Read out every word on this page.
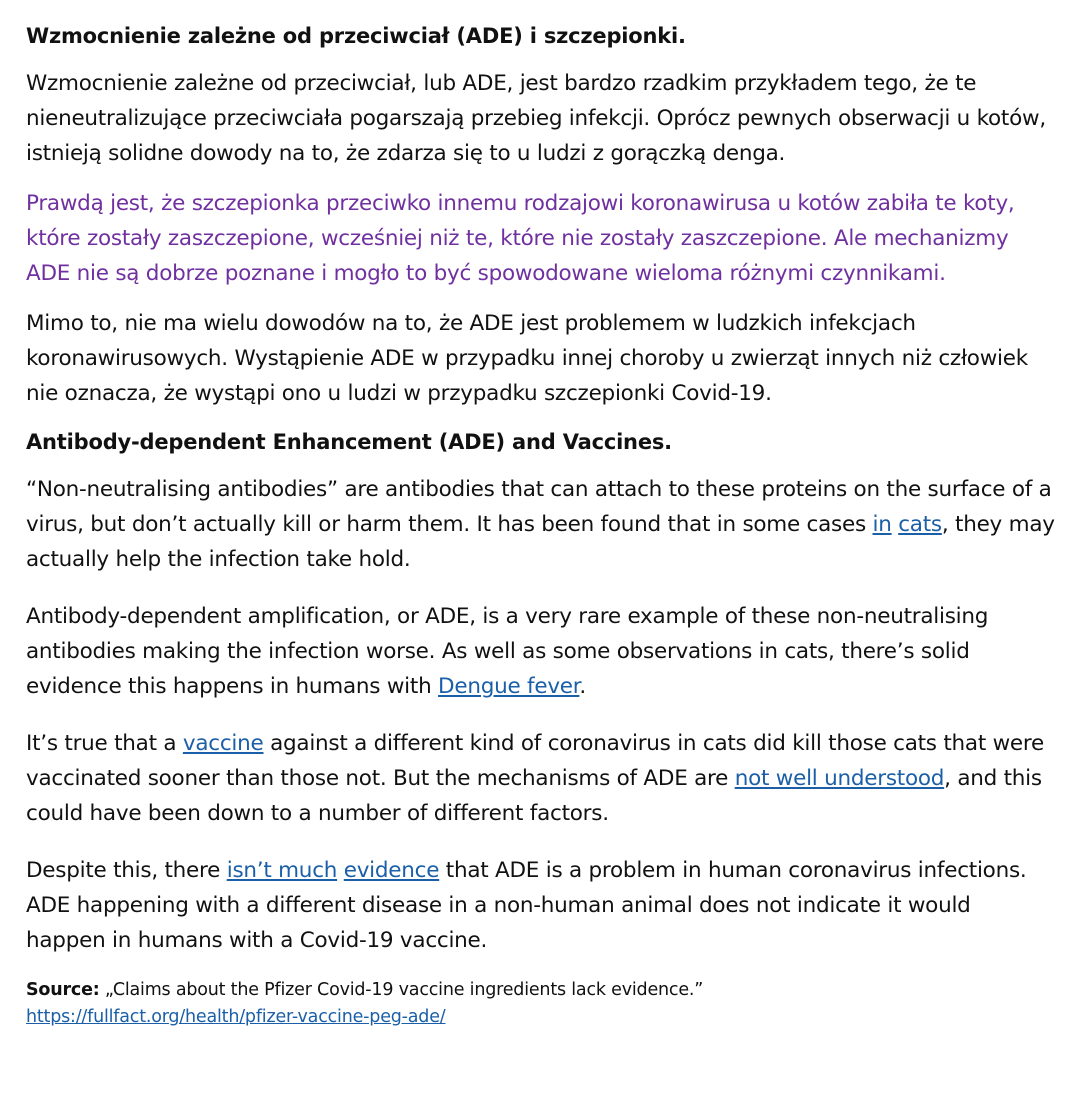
Wzmocnienie zależne od przeciwciał (ADE) i szczepionki.

Wzmocnienie zależne od przeciwciał, lub ADE, jest bardzo rzadkim przykładem tego, że te nieneutralizujące przeciwciała pogarszają przebieg infekcji. Oprócz pewnych obserwacji u kotów, istnieją solidne dowody na to, że zdarza się to u ludzi z gorączką denga.

Prawdą jest, że szczepionka przeciwko innemu rodzajowi koronawirusa u kotów zabiła te koty, które zostały zaszczepione, wcześniej niż te, które nie zostały zaszczepione. Ale mechanizmy ADE nie są dobrze poznane i mogło to być spowodowane wieloma różnymi czynnikami.

Mimo to, nie ma wielu dowodów na to, że ADE jest problemem w ludzkich infekcjach koronawirusowych. Wystąpienie ADE w przypadku innej choroby u zwierząt innych niż człowiek nie oznacza, że wystąpi ono u ludzi w przypadku szczepionki Covid-19.

Antibody-dependent Enhancement (ADE) and Vaccines.

“Non-neutralising antibodies” are antibodies that can attach to these proteins on the surface of a virus, but don’t actually kill or harm them. It has been found that in some cases in cats, they may actually help the infection take hold.

Antibody-dependent amplification, or ADE, is a very rare example of these non-neutralising antibodies making the infection worse. As well as some observations in cats, there’s solid evidence this happens in humans with Dengue fever.

It’s true that a vaccine against a different kind of coronavirus in cats did kill those cats that were vaccinated sooner than those not. But the mechanisms of ADE are not well understood, and this could have been down to a number of different factors.

Despite this, there isn’t much evidence that ADE is a problem in human coronavirus infections. ADE happening with a different disease in a non-human animal does not indicate it would happen in humans with a Covid-19 vaccine.

Source: „Claims about the Pfizer Covid-19 vaccine ingredients lack evidence.”
https://fullfact.org/health/pfizer-vaccine-peg-ade/
